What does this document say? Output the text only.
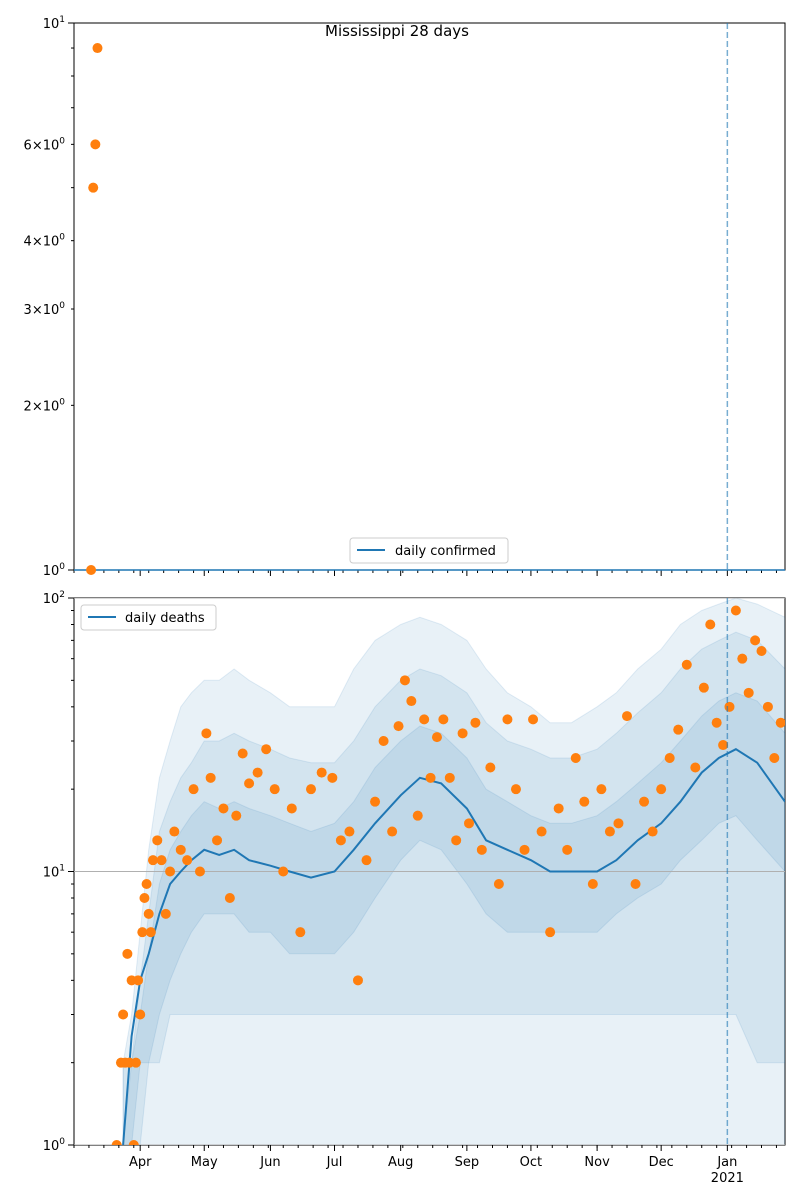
Mississippi 28 days
$10^0$
$10^1$
$2\times 10^0$
$3\times 10^0$
$4\times 10^0$
$6\times 10^0$
daily confirmed
$10^0$
$10^1$
$10^2$
Apr	May	Jun	Jul	Aug	Sep	Oct	Nov	Dec	Jan
2021
daily deaths
